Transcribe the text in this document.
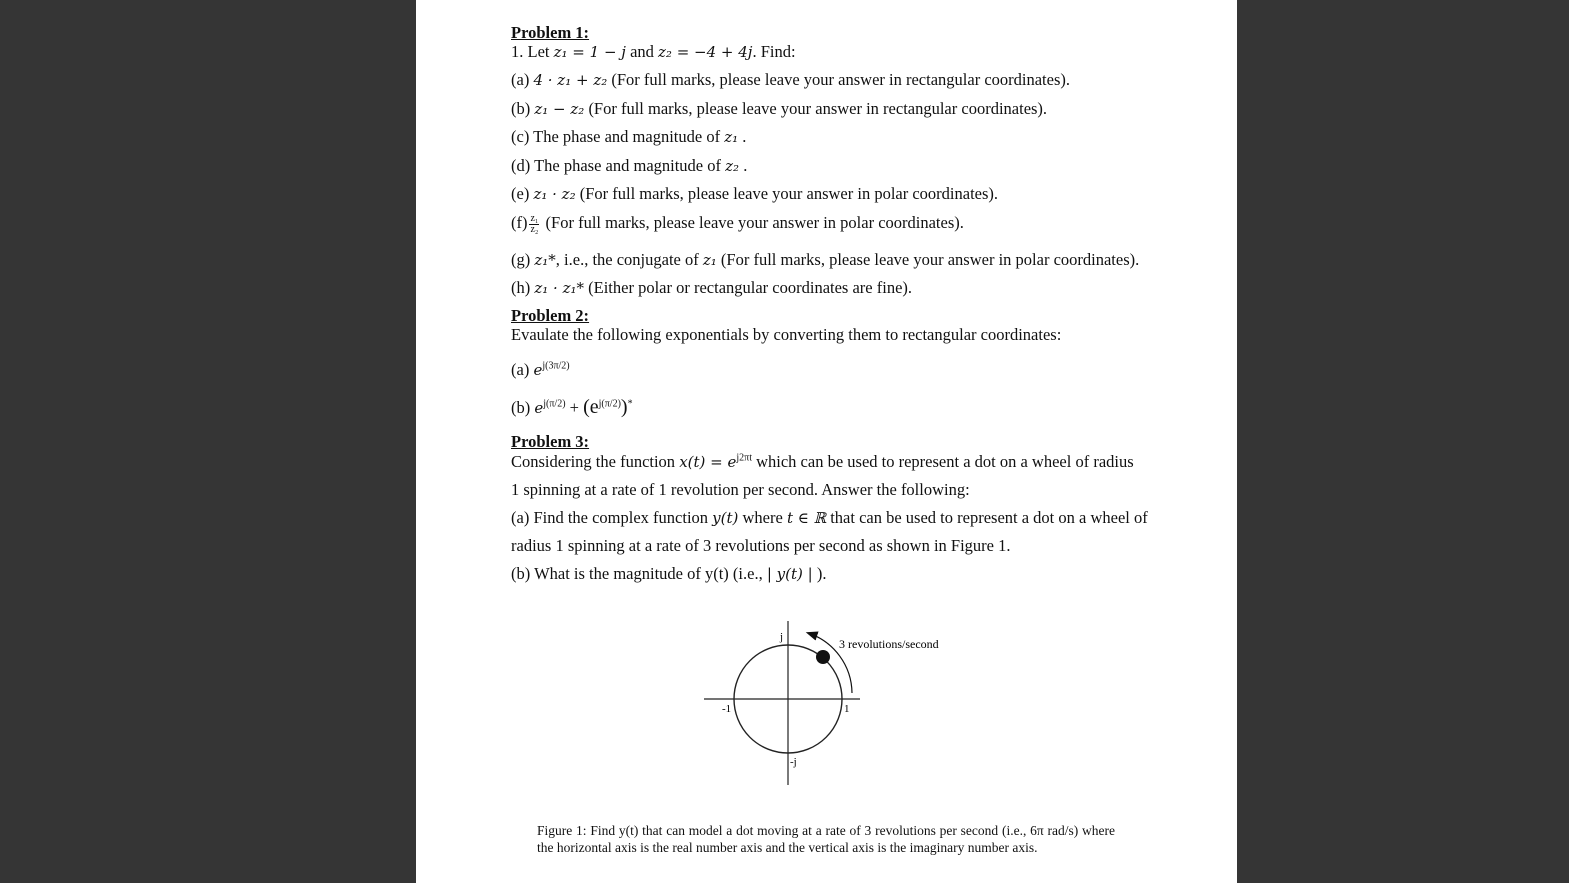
Problem 1:
1. Let z₁ = 1 − j and z₂ = −4 + 4j. Find:
(a) 4 · z₁ + z₂ (For full marks, please leave your answer in rectangular coordinates).
(b) z₁ − z₂ (For full marks, please leave your answer in rectangular coordinates).
(c) The phase and magnitude of z₁ .
(d) The phase and magnitude of z₂ .
(e) z₁ · z₂ (For full marks, please leave your answer in polar coordinates).
$(f) \frac{\text{z₁}}{\text{z₂}} (For$ full marks, please leave your answer in polar coordinates).
(g) z₁*, i.e., the conjugate of z₁ (For full marks, please leave your answer in polar coordinates).
(h) z₁ · z₁* (Either polar or rectangular coordinates are fine).
Problem 2:
Evaulate the following exponentials by converting them to rectangular coordinates:
(a) $e^{j(3\pi/2)}$
(b) $e^{j(\pi/2)} + (e^{j(\pi/2)})^*$
Problem 3:
Considering the function $x(t) = e^{j2\pi t}$ which can be used to represent a dot on a wheel of radius
1 spinning at a rate of 1 revolution per second. Answer the following:
(a) Find the complex function y(t) where t ∈ ℝ that can be used to represent a dot on a wheel of
radius 1 spinning at a rate of 3 revolutions per second as shown in Figure 1.
(b) What is the magnitude of y(t) (i.e., | y(t) | ).
j
-j
1
-1
3 revolutions/second
Figure 1: Find y(t) that can model a dot moving at a rate of 3 revolutions per second (i.e., 6π rad/s) where the horizontal axis is the real number axis and the vertical axis is the imaginary number axis.
